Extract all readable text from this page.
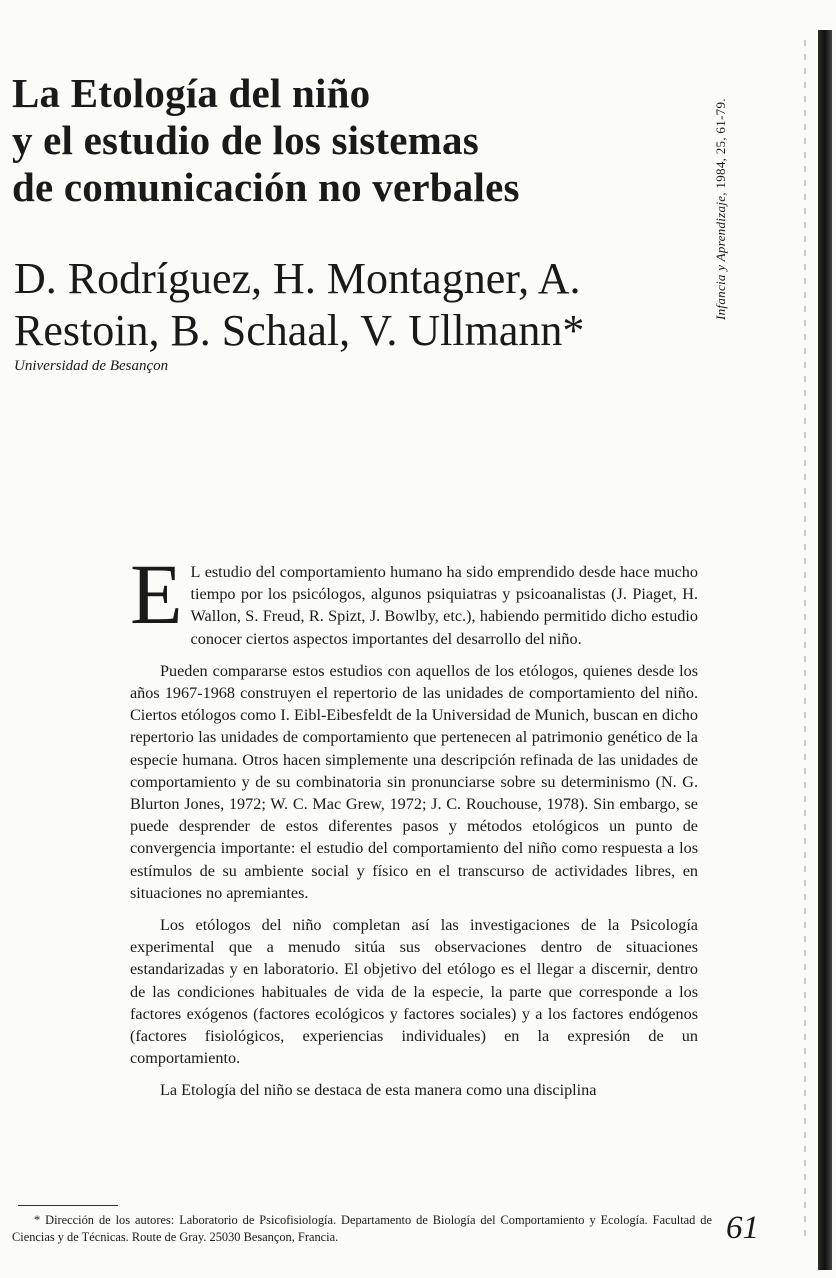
La Etología del niño
y el estudio de los sistemas
de comunicación no verbales
D. Rodríguez, H. Montagner, A.
Restoin, B. Schaal, V. Ullmann*
Universidad de Besançon
Infancia y Aprendizaje, 1984, 25, 61-79.

E L estudio del comportamiento humano ha sido emprendido desde hace mucho tiempo por los psicólogos, algunos psiquiatras y psicoanalistas (J. Piaget, H. Wallon, S. Freud, R. Spizt, J. Bowlby, etc.), habiendo permitido dicho estudio conocer ciertos aspectos importantes del desarrollo del niño.

Pueden compararse estos estudios con aquellos de los etólogos, quienes desde los años 1967-1968 construyen el repertorio de las unidades de comportamiento del niño. Ciertos etólogos como I. Eibl-Eibesfeldt de la Universidad de Munich, buscan en dicho repertorio las unidades de comportamiento que pertenecen al patrimonio genético de la especie humana. Otros hacen simplemente una descripción refinada de las unidades de comportamiento y de su combinatoria sin pronunciarse sobre su determinismo (N. G. Blurton Jones, 1972; W. C. Mac Grew, 1972; J. C. Rouchouse, 1978). Sin embargo, se puede desprender de estos diferentes pasos y métodos etológicos un punto de convergencia importante: el estudio del comportamiento del niño como respuesta a los estímulos de su ambiente social y físico en el transcurso de actividades libres, en situaciones no apremiantes.

Los etólogos del niño completan así las investigaciones de la Psicología experimental que a menudo sitúa sus observaciones dentro de situaciones estandarizadas y en laboratorio. El objetivo del etólogo es el llegar a discernir, dentro de las condiciones habituales de vida de la especie, la parte que corresponde a los factores exógenos (factores ecológicos y factores sociales) y a los factores endógenos (factores fisiológicos, experiencias individuales) en la expresión de un comportamiento.

La Etología del niño se destaca de esta manera como una disciplina

* Dirección de los autores: Laboratorio de Psicofisiología. Departamento de Biología del Comportamiento y Ecología. Facultad de Ciencias y de Técnicas. Route de Gray. 25030 Besançon, Francia.	61
